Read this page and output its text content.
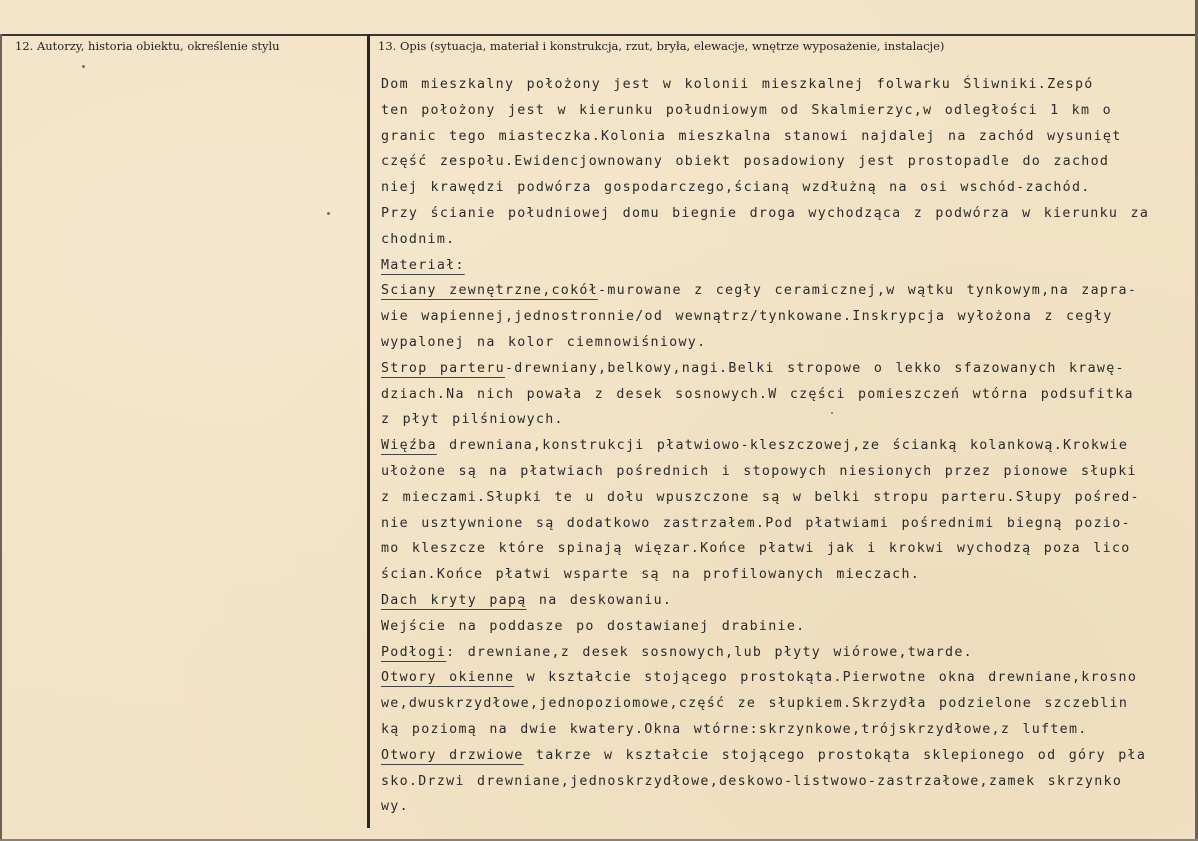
12. Autorzy, historia obiektu, określenie stylu	13. Opis (sytuacja, materiał i konstrukcja, rzut, bryła, elewacje, wnętrze wyposażenie, instalacje)
Dom mieszkalny położony jest w kolonii mieszkalnej folwarku Śliwniki.Zespó
ten położony jest w kierunku południowym od Skalmierzyc,w odległości 1 km o
granic tego miasteczka.Kolonia mieszkalna stanowi najdalej na zachód wysunięt
część zespołu.Ewidencjownowany obiekt posadowiony jest prostopadle do zachod
niej krawędzi podwórza gospodarczego,ścianą wzdłużną na osi wschód-zachód.
Przy ścianie południowej domu biegnie droga wychodząca z podwórza w kierunku za
chodnim.
Materiał:
Sciany zewnętrzne,cokół-murowane z cegły ceramicznej,w wątku tynkowym,na zapra-
wie wapiennej,jednostronnie/od wewnątrz/tynkowane.Inskrypcja wyłożona z cegły
wypalonej na kolor ciemnowiśniowy.
Strop parteru-drewniany,belkowy,nagi.Belki stropowe o lekko sfazowanych krawę-
dziach.Na nich powała z desek sosnowych.W części pomieszczeń wtórna podsufitka
z płyt pilśniowych.
Więźba drewniana,konstrukcji płatwiowo-kleszczowej,ze ścianką kolankową.Krokwie
ułożone są na płatwiach pośrednich i stopowych niesionych przez pionowe słupki
z mieczami.Słupki te u dołu wpuszczone są w belki stropu parteru.Słupy pośred-
nie usztywnione są dodatkowo zastrzałem.Pod płatwiami pośrednimi biegną pozio-
mo kleszcze które spinają więzar.Końce płatwi jak i krokwi wychodzą poza lico
ścian.Końce płatwi wsparte są na profilowanych mieczach.
Dach kryty papą na deskowaniu.
Wejście na poddasze po dostawianej drabinie.
Podłogi: drewniane,z desek sosnowych,lub płyty wiórowe,twarde.
Otwory okienne w kształcie stojącego prostokąta.Pierwotne okna drewniane,krosno
we,dwuskrzydłowe,jednopoziomowe,część ze słupkiem.Skrzydła podzielone szczeblin
ką poziomą na dwie kwatery.Okna wtórne:skrzynkowe,trójskrzydłowe,z luftem.
Otwory drzwiowe takrze w kształcie stojącego prostokąta sklepionego od góry pła
sko.Drzwi drewniane,jednoskrzydłowe,deskowo-listwowo-zastrzałowe,zamek skrzynko
wy.
